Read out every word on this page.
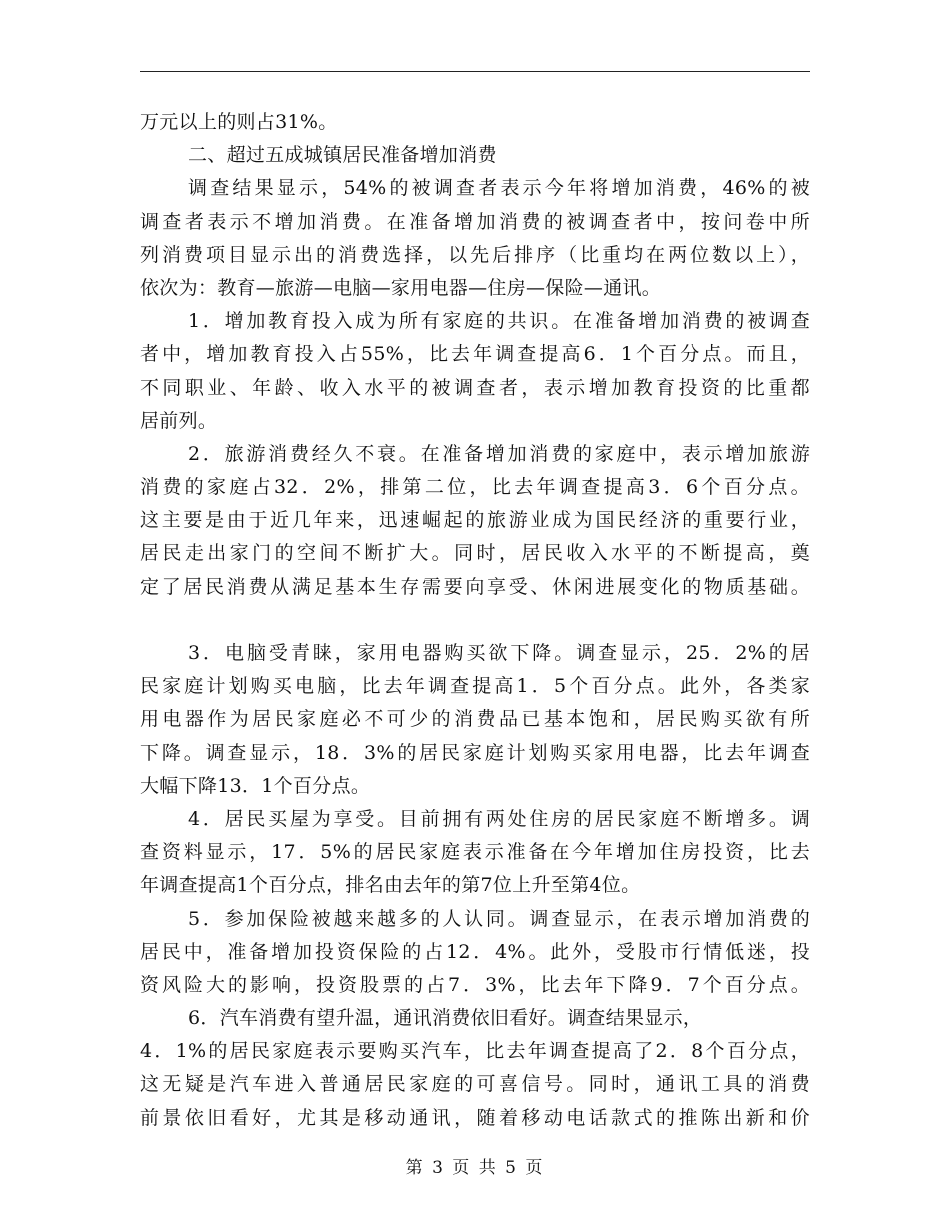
万元以上的则占31%。
二、超过五成城镇居民准备增加消费
调查结果显示，54%的被调查者表示今年将增加消费，46%的被
调查者表示不增加消费。在准备增加消费的被调查者中，按问卷中所
列消费项目显示出的消费选择，以先后排序（比重均在两位数以上），
依次为：教育—旅游—电脑—家用电器—住房—保险—通讯。
1．增加教育投入成为所有家庭的共识。在准备增加消费的被调查
者中，增加教育投入占55%，比去年调查提高6．1个百分点。而且，
不同职业、年龄、收入水平的被调查者，表示增加教育投资的比重都
居前列。
2．旅游消费经久不衰。在准备增加消费的家庭中，表示增加旅游
消费的家庭占32．2%，排第二位，比去年调查提高3．6个百分点。
这主要是由于近几年来，迅速崛起的旅游业成为国民经济的重要行业，
居民走出家门的空间不断扩大。同时，居民收入水平的不断提高，奠
定了居民消费从满足基本生存需要向享受、休闲进展变化的物质基础。
3．电脑受青睐，家用电器购买欲下降。调查显示，25．2%的居
民家庭计划购买电脑，比去年调查提高1．5个百分点。此外，各类家
用电器作为居民家庭必不可少的消费品已基本饱和，居民购买欲有所
下降。调查显示，18．3%的居民家庭计划购买家用电器，比去年调查
大幅下降13．1个百分点。
4．居民买屋为享受。目前拥有两处住房的居民家庭不断增多。调
查资料显示，17．5%的居民家庭表示准备在今年增加住房投资，比去
年调查提高1个百分点，排名由去年的第7位上升至第4位。
5．参加保险被越来越多的人认同。调查显示，在表示增加消费的
居民中，准备增加投资保险的占12．4%。此外，受股市行情低迷，投
资风险大的影响，投资股票的占7．3%，比去年下降9．7个百分点。
6．汽车消费有望升温，通讯消费依旧看好。调查结果显示，
4．1%的居民家庭表示要购买汽车，比去年调查提高了2．8个百分点，
这无疑是汽车进入普通居民家庭的可喜信号。同时，通讯工具的消费
前景依旧看好，尤其是移动通讯，随着移动电话款式的推陈出新和价
第 3 页 共 5 页
